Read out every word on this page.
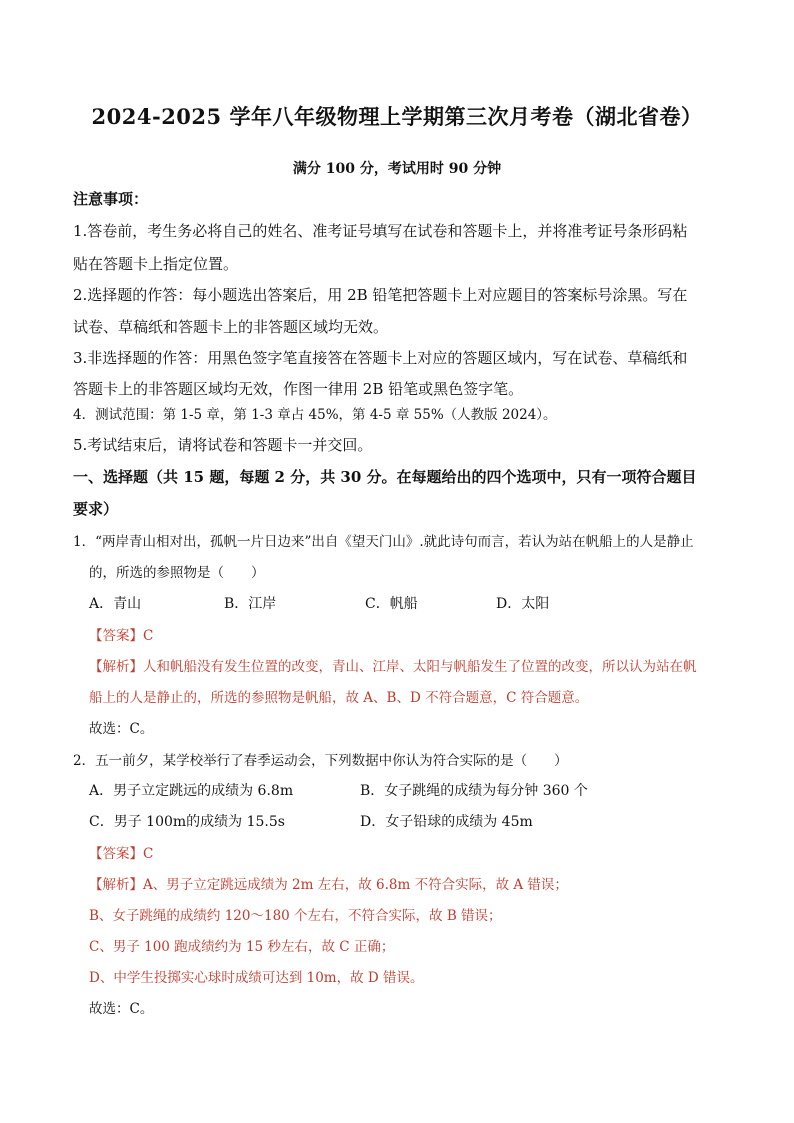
2024-2025 学年八年级物理上学期第三次月考卷（湖北省卷）
满分 100 分，考试用时 90 分钟
注意事项：
1.答卷前，考生务必将自己的姓名、准考证号填写在试卷和答题卡上，并将准考证号条形码粘
贴在答题卡上指定位置。
2.选择题的作答：每小题选出答案后，用 2B 铅笔把答题卡上对应题目的答案标号涂黑。写在
试卷、草稿纸和答题卡上的非答题区域均无效。
3.非选择题的作答：用黑色签字笔直接答在答题卡上对应的答题区域内，写在试卷、草稿纸和
答题卡上的非答题区域均无效，作图一律用 2B 铅笔或黑色签字笔。
4．测试范围：第 1-5 章，第 1-3 章占 45%，第 4-5 章 55%（人教版 2024）。
5.考试结束后，请将试卷和答题卡一并交回。
一、选择题（共 15 题，每题 2 分，共 30 分。在每题给出的四个选项中，只有一项符合题目
要求）
1．“两岸青山相对出，孤帆一片日边来”出自《望天门山》.就此诗句而言，若认为站在帆船上的人是静止
的，所选的参照物是（　　）
A．青山	B．江岸	C．帆船	D．太阳
【答案】C
【解析】人和帆船没有发生位置的改变，青山、江岸、太阳与帆船发生了位置的改变，所以认为站在帆
船上的人是静止的，所选的参照物是帆船，故 A、B、D 不符合题意，C 符合题意。
故选：C。
2．五一前夕，某学校举行了春季运动会，下列数据中你认为符合实际的是（　　）
A．男子立定跳远的成绩为 6.8m	B．女子跳绳的成绩为每分钟 360 个
C．男子 100m的成绩为 15.5s	D．女子铅球的成绩为 45m
【答案】C
【解析】A、男子立定跳远成绩为 2m 左右，故 6.8m 不符合实际，故 A 错误；
B、女子跳绳的成绩约 120～180 个左右，不符合实际，故 B 错误；
C、男子 100 跑成绩约为 15 秒左右，故 C 正确；
D、中学生投掷实心球时成绩可达到 10m，故 D 错误。
故选：C。
